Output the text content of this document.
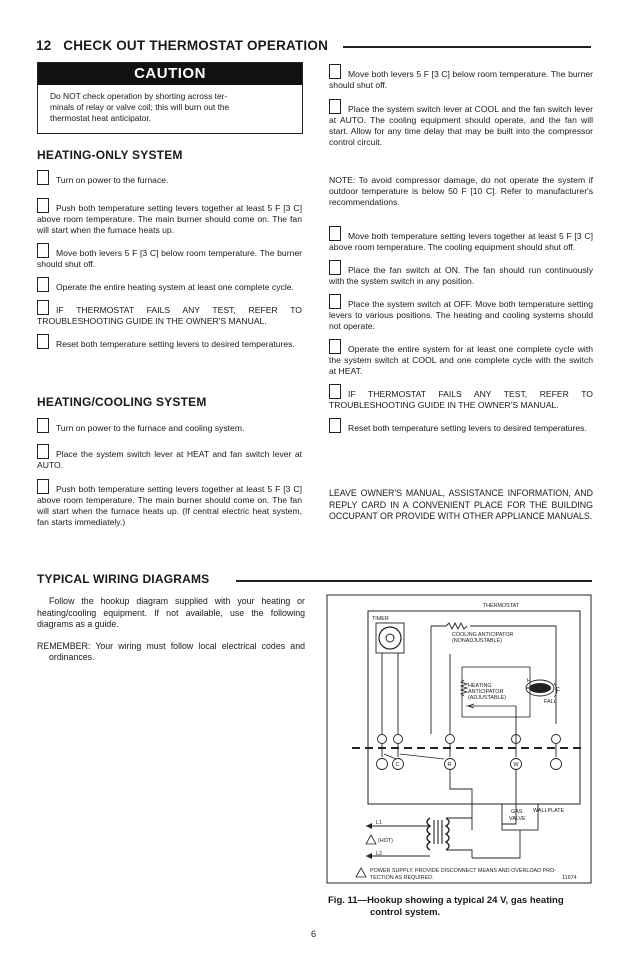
12 CHECK OUT THERMOSTAT OPERATION
CAUTION
Do NOT check operation by shorting across ter-
minals of relay or valve coil; this will burn out the
thermostat heat anticipator.
HEATING-ONLY SYSTEM

Turn on power to the furnace.

Push both temperature setting levers together at least 5 F [3 C] above room temperature. The main burner should come on. The fan will start when the furnace heats up.

Move both levers 5 F [3 C] below room temperature. The burner should shut off.

Operate the entire heating system at least one complete cycle.

IF THERMOSTAT FAILS ANY TEST, REFER TO TROUBLESHOOTING GUIDE IN THE OWNER'S MANUAL.

Reset both temperature setting levers to desired temperatures.

HEATING/COOLING SYSTEM

Turn on power to the furnace and cooling system.

Place the system switch lever at HEAT and fan switch lever at AUTO.

Push both temperature setting levers together at least 5 F [3 C] above room temperature. The main burner should come on. The fan will start when the furnace heats up. (If central electric heat system, fan starts immediately.)

Move both levers 5 F [3 C] below room temperature. The burner should shut off.

Place the system switch lever at COOL and the fan switch lever at AUTO. The cooling equipment should operate, and the fan will start. Allow for any time delay that may be built into the compressor control circuit.

NOTE: To avoid compressor damage, do not operate the system if outdoor temperature is below 50 F [10 C]. Refer to manufacturer's recommendations.

Move both temperature setting levers together at least 5 F [3 C] above room temperature. The cooling equipment should shut off.

Place the fan switch at ON. The fan should run continuously with the system switch in any position.

Place the system switch at OFF. Move both temperature setting levers to various positions. The heating and cooling systems should not operate.

Operate the entire system for at least one complete cycle with the system switch at COOL and one complete cycle with the switch at HEAT.

IF THERMOSTAT FAILS ANY TEST, REFER TO TROUBLESHOOTING GUIDE IN THE OWNER'S MANUAL.

Reset both temperature setting levers to desired temperatures.

LEAVE OWNER'S MANUAL, ASSISTANCE INFORMATION, AND REPLY CARD IN A CONVENIENT PLACE FOR THE BUILDING OCCUPANT OR PROVIDE WITH OTHER APPLIANCE MANUALS.

TYPICAL WIRING DIAGRAMS

Follow the hookup diagram supplied with your heating or heating/cooling equipment. If not available, use the following diagrams as a guide.

REMEMBER: Your wiring must follow local electrical codes and ordinances.

THERMOSTAT
TIMER
COOLING ANTICIPATOR
(NONADJUSTABLE)
H
C
FALL
HEATING
ANTICIPATOR
(ADJUSTABLE)
C	R	W
WALLPLATE
GAS
VALVE
L1
(HOT)
L2
POWER SUPPLY. PROVIDE DISCONNECT MEANS AND OVERLOAD PRO-
TECTION AS REQUIRED.	11674
Fig. 11—Hookup showing a typical 24 V, gas heating
control system.
6
